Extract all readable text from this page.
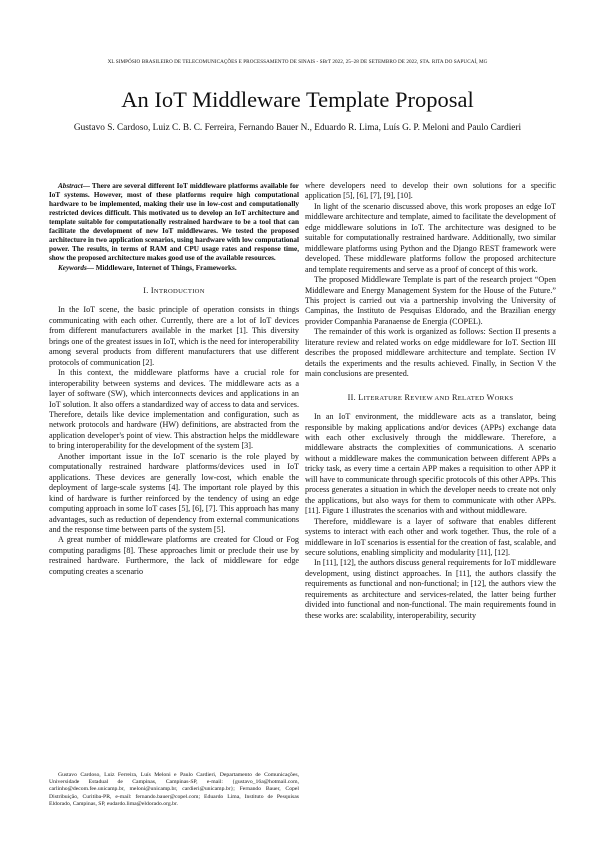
XL SIMPÓSIO BRASILEIRO DE TELECOMUNICAÇÕES E PROCESSAMENTO DE SINAIS - SBrT 2022, 25–28 DE SETEMBRO DE 2022, STA. RITA DO SAPUCAÍ, MG
An IoT Middleware Template Proposal
Gustavo S. Cardoso, Luiz C. B. C. Ferreira, Fernando Bauer N., Eduardo R. Lima, Luís G. P. Meloni and Paulo Cardieri

Abstract— There are several different IoT middleware platforms available for IoT systems. However, most of these platforms require high computational hardware to be implemented, making their use in low-cost and computationally restricted devices difficult. This motivated us to develop an IoT architecture and template suitable for computationally restrained hardware to be a tool that can facilitate the development of new IoT middlewares. We tested the proposed architecture in two application scenarios, using hardware with low computational power. The results, in terms of RAM and CPU usage rates and response time, show the proposed architecture makes good use of the available resources.

Keywords— Middleware, Internet of Things, Frameworks.

I. INTRODUCTION

In the IoT scene, the basic principle of operation consists in things communicating with each other. Currently, there are a lot of IoT devices from different manufacturers available in the market [1]. This diversity brings one of the greatest issues in IoT, which is the need for interoperability among several products from different manufacturers that use different protocols of communication [2].

In this context, the middleware platforms have a crucial role for interoperability between systems and devices. The middleware acts as a layer of software (SW), which interconnects devices and applications in an IoT solution. It also offers a standardized way of access to data and services. Therefore, details like device implementation and configuration, such as network protocols and hardware (HW) definitions, are abstracted from the application developer's point of view. This abstraction helps the middleware to bring interoperability for the development of the system [3].

Another important issue in the IoT scenario is the role played by computationally restrained hardware platforms/devices used in IoT applications. These devices are generally low-cost, which enable the deployment of large-scale systems [4]. The important role played by this kind of hardware is further reinforced by the tendency of using an edge computing approach in some IoT cases [5], [6], [7]. This approach has many advantages, such as reduction of dependency from external communications and the response time between parts of the system [5].

A great number of middleware platforms are created for Cloud or Fog computing paradigms [8]. These approaches limit or preclude their use by restrained hardware. Furthermore, the lack of middleware for edge computing creates a scenario

where developers need to develop their own solutions for a specific application [5], [6], [7], [9], [10].

In light of the scenario discussed above, this work proposes an edge IoT middleware architecture and template, aimed to facilitate the development of edge middleware solutions in IoT. The architecture was designed to be suitable for computationally restrained hardware. Additionally, two similar middleware platforms using Python and the Django REST framework were developed. These middleware platforms follow the proposed architecture and template requirements and serve as a proof of concept of this work.

The proposed Middleware Template is part of the research project “Open Middleware and Energy Management System for the House of the Future.” This project is carried out via a partnership involving the University of Campinas, the Instituto de Pesquisas Eldorado, and the Brazilian energy provider Companhia Paranaense de Energia (COPEL).

The remainder of this work is organized as follows: Section II presents a literature review and related works on edge middleware for IoT. Section III describes the proposed middleware architecture and template. Section IV details the experiments and the results achieved. Finally, in Section V the main conclusions are presented.

II. LITERATURE REVIEW AND RELATED WORKS

In an IoT environment, the middleware acts as a translator, being responsible by making applications and/or devices (APPs) exchange data with each other exclusively through the middleware. Therefore, a middleware abstracts the complexities of communications. A scenario without a middleware makes the communication between different APPs a tricky task, as every time a certain APP makes a requisition to other APP it will have to communicate through specific protocols of this other APPs. This process generates a situation in which the developer needs to create not only the applications, but also ways for them to communicate with other APPs. [11]. Figure 1 illustrates the scenarios with and without middleware.

Therefore, middleware is a layer of software that enables different systems to interact with each other and work together. Thus, the role of a middleware in IoT scenarios is essential for the creation of fast, scalable, and secure solutions, enabling simplicity and modularity [11], [12].

In [11], [12], the authors discuss general requirements for IoT middleware development, using distinct approaches. In [11], the authors classify the requirements as functional and non-functional; in [12], the authors view the requirements as architecture and services-related, the latter being further divided into functional and non-functional. The main requirements found in these works are: scalability, interoperability, security

Gustavo Cardoso, Luiz Ferreira, Luís Meloni e Paulo Cardieri, Departamento de Comunicações, Universidade Estadual de Campinas, Campinas-SP, e-mail: {gustavo_16a@hotmail.com, carlinho@decom.fee.unicamp.br, meloni@unicamp.br, cardieri@unicamp.br}; Fernando Bauer, Copel Distribuição, Curitiba-PR, e-mail: fernando.bauer@copel.com; Eduardo Lima, Instituto de Pesquisas Eldorado, Campinas, SP, eudardo.lima@eldorado.org.br.
